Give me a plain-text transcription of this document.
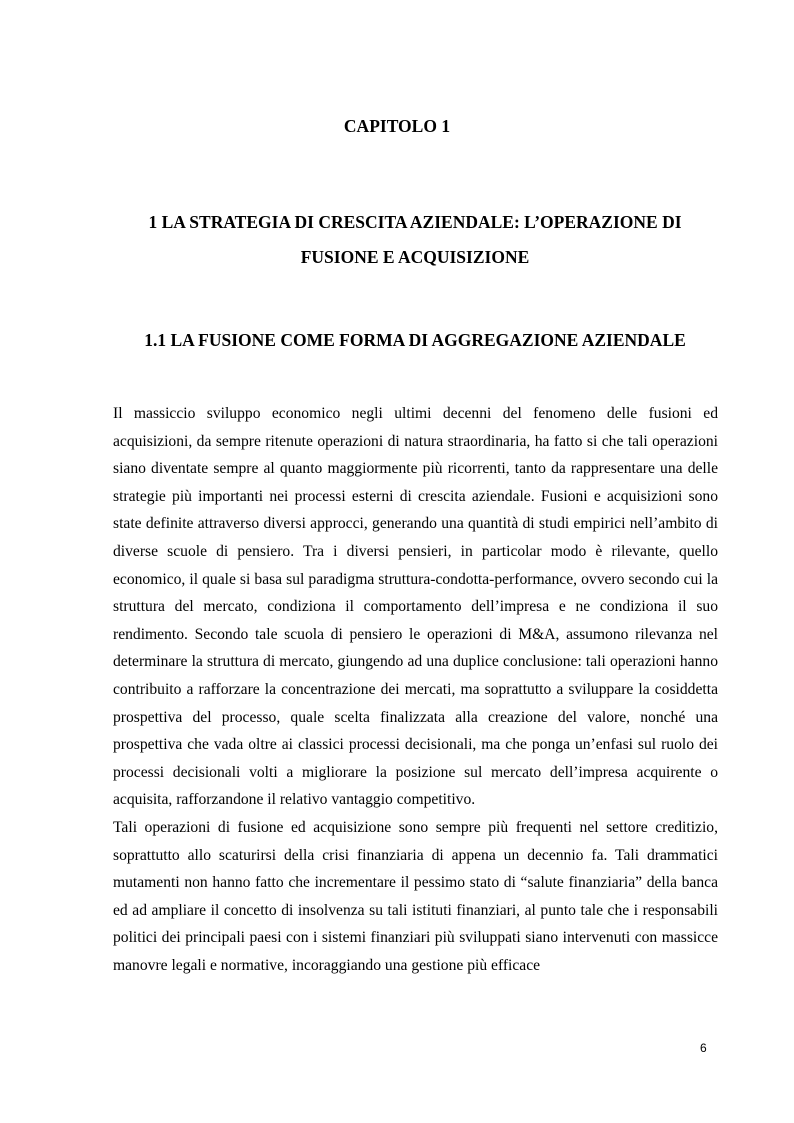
CAPITOLO 1
1 LA STRATEGIA DI CRESCITA AZIENDALE: L’OPERAZIONE DI FUSIONE E ACQUISIZIONE
1.1 LA FUSIONE COME FORMA DI AGGREGAZIONE AZIENDALE

Il massiccio sviluppo economico negli ultimi decenni del fenomeno delle fusioni ed acquisizioni, da sempre ritenute operazioni di natura straordinaria, ha fatto si che tali operazioni siano diventate sempre al quanto maggiormente più ricorrenti, tanto da rappresentare una delle strategie più importanti nei processi esterni di crescita aziendale. Fusioni e acquisizioni sono state definite attraverso diversi approcci, generando una quantità di studi empirici nell’ambito di diverse scuole di pensiero. Tra i diversi pensieri, in particolar modo è rilevante, quello economico, il quale si basa sul paradigma struttura-condotta-performance, ovvero secondo cui la struttura del mercato, condiziona il comportamento dell’impresa e ne condiziona il suo rendimento. Secondo tale scuola di pensiero le operazioni di M&A, assumono rilevanza nel determinare la struttura di mercato, giungendo ad una duplice conclusione: tali operazioni hanno contribuito a rafforzare la concentrazione dei mercati, ma soprattutto a sviluppare la cosiddetta prospettiva del processo, quale scelta finalizzata alla creazione del valore, nonché una prospettiva che vada oltre ai classici processi decisionali, ma che ponga un’enfasi sul ruolo dei processi decisionali volti a migliorare la posizione sul mercato dell’impresa acquirente o acquisita, rafforzandone il relativo vantaggio competitivo.

Tali operazioni di fusione ed acquisizione sono sempre più frequenti nel settore creditizio, soprattutto allo scaturirsi della crisi finanziaria di appena un decennio fa. Tali drammatici mutamenti non hanno fatto che incrementare il pessimo stato di “salute finanziaria” della banca ed ad ampliare il concetto di insolvenza su tali istituti finanziari, al punto tale che i responsabili politici dei principali paesi con i sistemi finanziari più sviluppati siano intervenuti con massicce manovre legali e normative, incoraggiando una gestione più efficace

6
